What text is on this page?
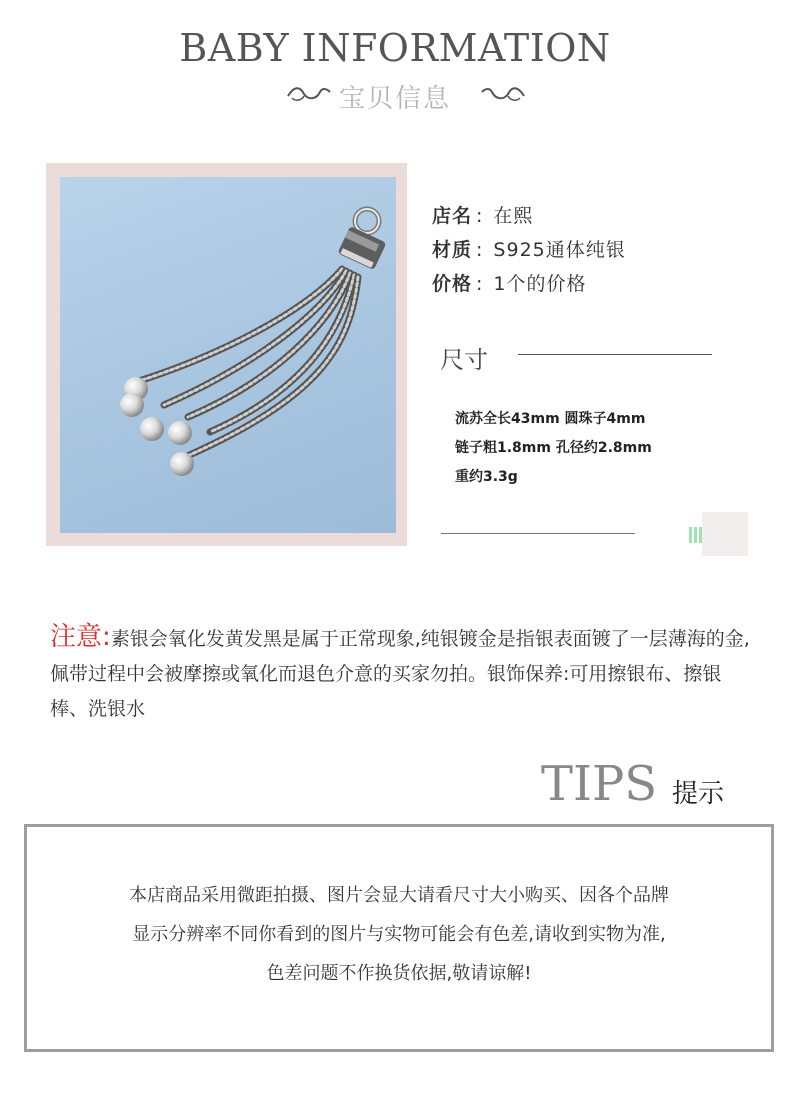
BABY INFORMATION
宝贝信息
店名 : 在熙
材质 : S925通体纯银
价格 : 1个的价格
尺寸
流苏全长43mm 圆珠子4mm
链子粗1.8mm 孔径约2.8mm
重约3.3g
注意:素银会氧化发黄发黑是属于正常现象,纯银镀金是指银表面镀了一层薄海的金,佩带过程中会被摩擦或氧化而退色介意的买家勿拍。银饰保养:可用擦银布、擦银棒、洗银水
TIPS 提示
本店商品采用微距拍摄、图片会显大请看尺寸大小购买、因各个品牌
显示分辨率不同你看到的图片与实物可能会有色差,请收到实物为准,
色差问题不作换货依据,敬请谅解!
